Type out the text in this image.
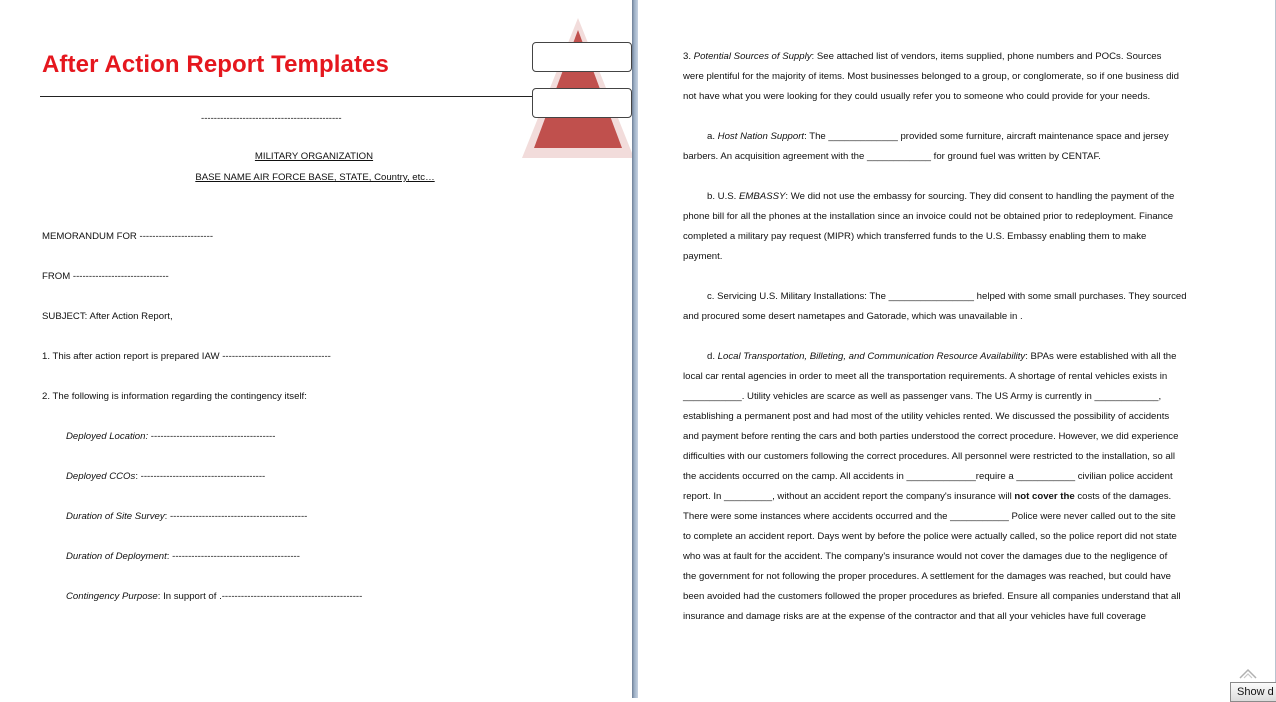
After Action Report Templates
--------------------------------------------
MILITARY ORGANIZATION
BASE NAME AIR FORCE BASE, STATE, Country, etc…
MEMORANDUM FOR -----------------------
FROM ------------------------------
SUBJECT: After Action Report,
1. This after action report is prepared IAW ----------------------------------
2. The following is information regarding the contingency itself:
Deployed Location: ---------------------------------------
Deployed CCOs: ---------------------------------------
Duration of Site Survey: -------------------------------------------
Duration of Deployment: ----------------------------------------
Contingency Purpose: In support of .--------------------------------------------

3. Potential Sources of Supply: See attached list of vendors, items supplied, phone numbers and POCs. Sources

were plentiful for the majority of items. Most businesses belonged to a group, or conglomerate, so if one business did

not have what you were looking for they could usually refer you to someone who could provide for your needs.

a. Host Nation Support: The _____________ provided some furniture, aircraft maintenance space and jersey

barbers. An acquisition agreement with the ____________ for ground fuel was written by CENTAF.

b. U.S. EMBASSY: We did not use the embassy for sourcing. They did consent to handling the payment of the

phone bill for all the phones at the installation since an invoice could not be obtained prior to redeployment. Finance

completed a military pay request (MIPR) which transferred funds to the U.S. Embassy enabling them to make

payment.

c. Servicing U.S. Military Installations: The ________________ helped with some small purchases. They sourced

and procured some desert nametapes and Gatorade, which was unavailable in .

d. Local Transportation, Billeting, and Communication Resource Availability: BPAs were established with all the

local car rental agencies in order to meet all the transportation requirements. A shortage of rental vehicles exists in

___________. Utility vehicles are scarce as well as passenger vans. The US Army is currently in ____________,

establishing a permanent post and had most of the utility vehicles rented. We discussed the possibility of accidents

and payment before renting the cars and both parties understood the correct procedure. However, we did experience

difficulties with our customers following the correct procedures. All personnel were restricted to the installation, so all

the accidents occurred on the camp. All accidents in _____________require a ___________ civilian police accident

report. In _________, without an accident report the company's insurance will not cover the costs of the damages.

There were some instances where accidents occurred and the ___________ Police were never called out to the site

to complete an accident report. Days went by before the police were actually called, so the police report did not state

who was at fault for the accident. The company's insurance would not cover the damages due to the negligence of

the government for not following the proper procedures. A settlement for the damages was reached, but could have

been avoided had the customers followed the proper procedures as briefed. Ensure all companies understand that all

insurance and damage risks are at the expense of the contractor and that all your vehicles have full coverage

Show d
